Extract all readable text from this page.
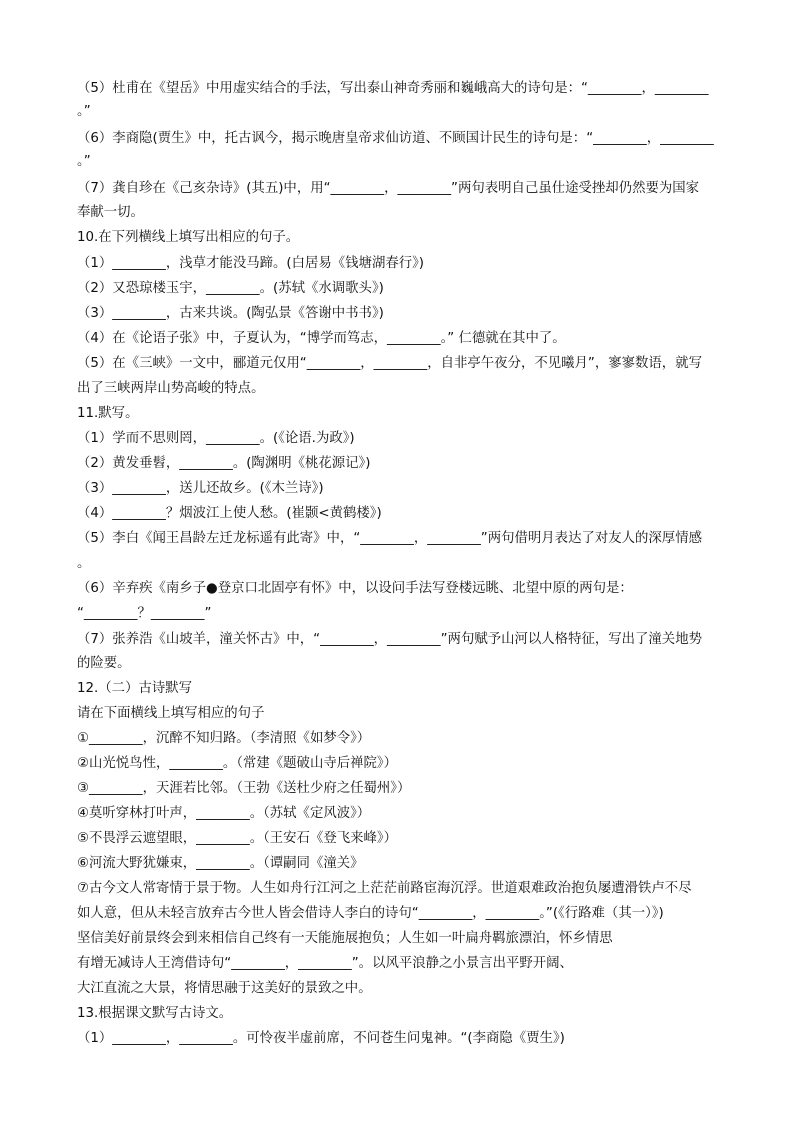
（5）杜甫在《望岳》中用虚实结合的手法，写出泰山神奇秀丽和巍峨高大的诗句是：“________，________
。”
（6）李商隐(贾生》中，托古讽今，揭示晚唐皇帝求仙访道、不顾国计民生的诗句是：“________，________
。”
（7）龚自珍在《己亥杂诗》(其五)中，用“________，________”两句表明自己虽仕途受挫却仍然要为国家
奉献一切。
10.在下列横线上填写出相应的句子。
（1）________，浅草才能没马蹄。(白居易《钱塘湖春行》)
（2）又恐琼楼玉宇，________。(苏轼《水调歌头》)
（3）________，古来共谈。(陶弘景《答谢中书书》)
（4）在《论语子张》中，子夏认为，“博学而笃志，________。” 仁德就在其中了。
（5）在《三峡》一文中，郦道元仅用“________，________，自非亭午夜分，不见曦月”，寥寥数语，就写
出了三峡两岸山势高峻的特点。
11.默写。
（1）学而不思则罔，________。(《论语.为政》)
（2）黄发垂髫，________。(陶渊明《桃花源记》)
（3）________，送儿还故乡。(《木兰诗》)
（4）________？烟波江上使人愁。(崔颢<黄鹤楼》)
（5）李白《闻王昌龄左迁龙标遥有此寄》中，“________，________”两句借明月表达了对友人的深厚情感
。
（6）辛弃疾《南乡子●登京口北固亭有怀》中，以设问手法写登楼远眺、北望中原的两句是：
“________？________”
（7）张养浩《山坡羊，潼关怀古》中，“________，________”两句赋予山河以人格特征，写出了潼关地势
的险要。
12.（二）古诗默写
请在下面横线上填写相应的句子
①________，沉醉不知归路。（李清照《如梦令》）
②山光悦鸟性，________。（常建《题破山寺后禅院》）
③________，天涯若比邻。（王勃《送杜少府之任蜀州》）
④莫听穿林打叶声，________。（苏轼《定风波》）
⑤不畏浮云遮望眼，________。（王安石《登飞来峰》）
⑥河流大野犹嫌束，________。（谭嗣同《潼关》
⑦古今文人常寄情于景于物。人生如舟行江河之上茫茫前路宦海沉浮。世道艰难政治抱负屡遭滑铁卢不尽
如人意，但从未轻言放弃古今世人皆会借诗人李白的诗句“________，________。”(《行路难（其一）》)
坚信美好前景终会到来相信自己终有一天能施展抱负；人生如一叶扁舟羁旅漂泊，怀乡情思
有增无减诗人王湾借诗句“________，________”。以风平浪静之小景言出平野开阔、
大江直流之大景，将情思融于这美好的景致之中。
13.根据课文默写古诗文。
（1）________，________。可怜夜半虚前席，不问苍生问鬼神。“(李商隐《贾生》)
